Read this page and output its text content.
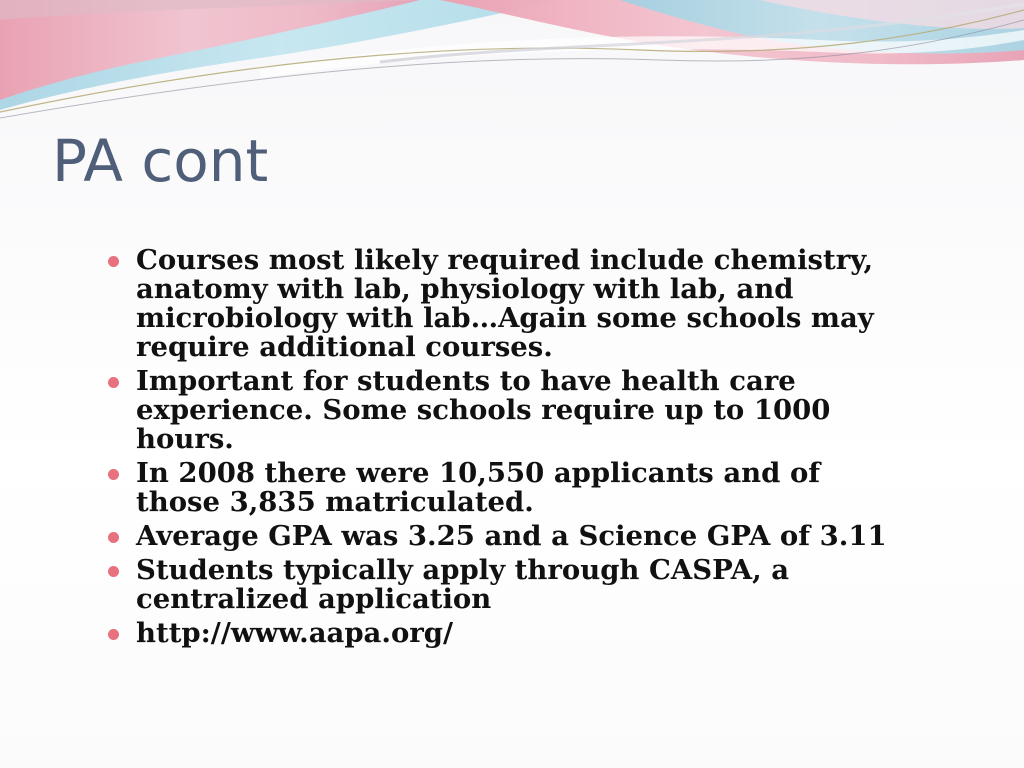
PA cont
Courses most likely required include chemistry, anatomy with lab, physiology with lab, and microbiology with lab…Again some schools may require additional courses.
Important for students to have health care experience. Some schools require up to 1000 hours.
In 2008 there were 10,550 applicants and of those 3,835 matriculated.
Average GPA was 3.25 and a Science GPA of 3.11
Students typically apply through CASPA, a centralized application
http://www.aapa.org/
